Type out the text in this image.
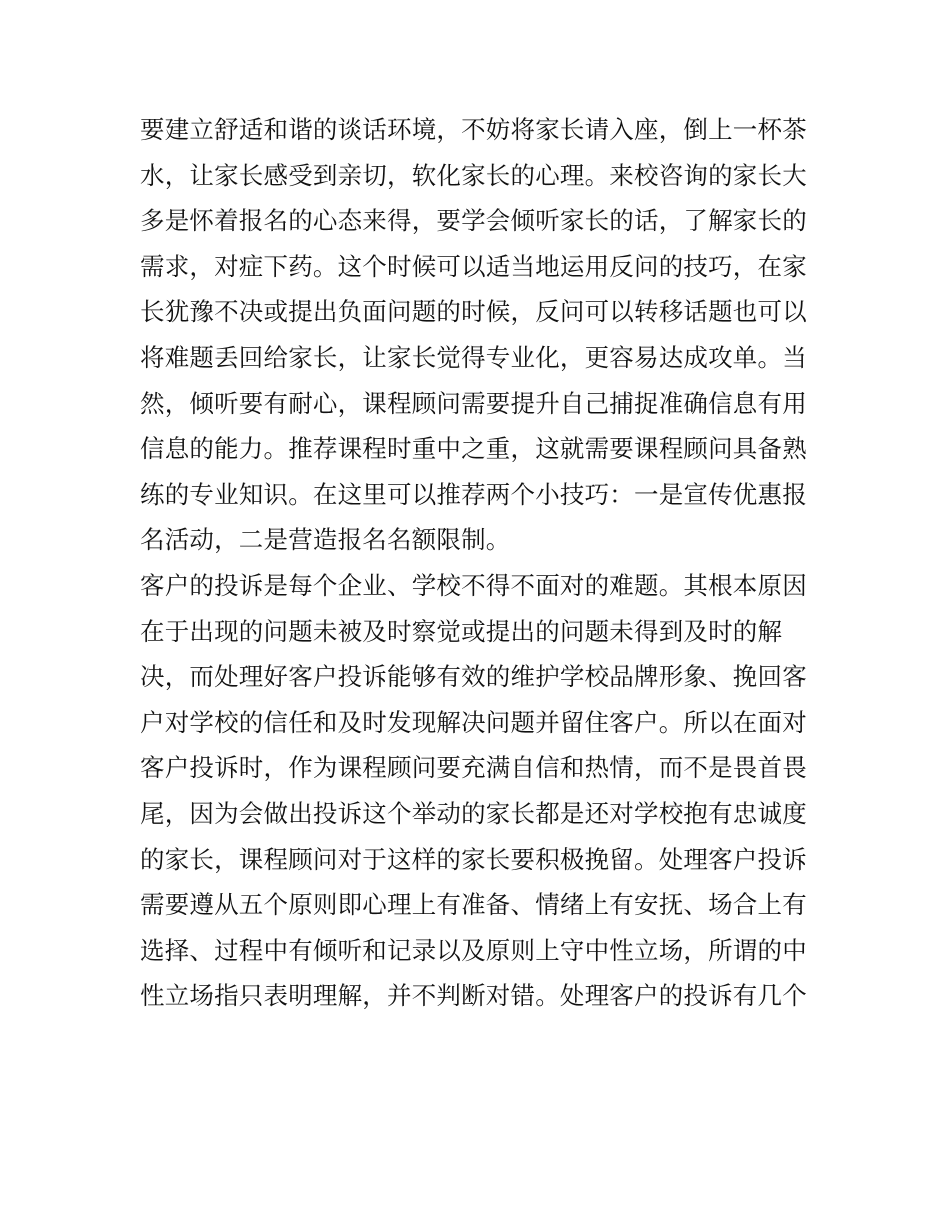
要建立舒适和谐的谈话环境，不妨将家长请入座，倒上一杯茶
水，让家长感受到亲切，软化家长的心理。来校咨询的家长大
多是怀着报名的心态来得，要学会倾听家长的话，了解家长的
需求，对症下药。这个时候可以适当地运用反问的技巧，在家
长犹豫不决或提出负面问题的时候，反问可以转移话题也可以
将难题丢回给家长，让家长觉得专业化，更容易达成攻单。当
然，倾听要有耐心，课程顾问需要提升自己捕捉准确信息有用
信息的能力。推荐课程时重中之重，这就需要课程顾问具备熟
练的专业知识。在这里可以推荐两个小技巧：一是宣传优惠报
名活动，二是营造报名名额限制。
客户的投诉是每个企业、学校不得不面对的难题。其根本原因
在于出现的问题未被及时察觉或提出的问题未得到及时的解
决，而处理好客户投诉能够有效的维护学校品牌形象、挽回客
户对学校的信任和及时发现解决问题并留住客户。所以在面对
客户投诉时，作为课程顾问要充满自信和热情，而不是畏首畏
尾，因为会做出投诉这个举动的家长都是还对学校抱有忠诚度
的家长，课程顾问对于这样的家长要积极挽留。处理客户投诉
需要遵从五个原则即心理上有准备、情绪上有安抚、场合上有
选择、过程中有倾听和记录以及原则上守中性立场，所谓的中
性立场指只表明理解，并不判断对错。处理客户的投诉有几个
